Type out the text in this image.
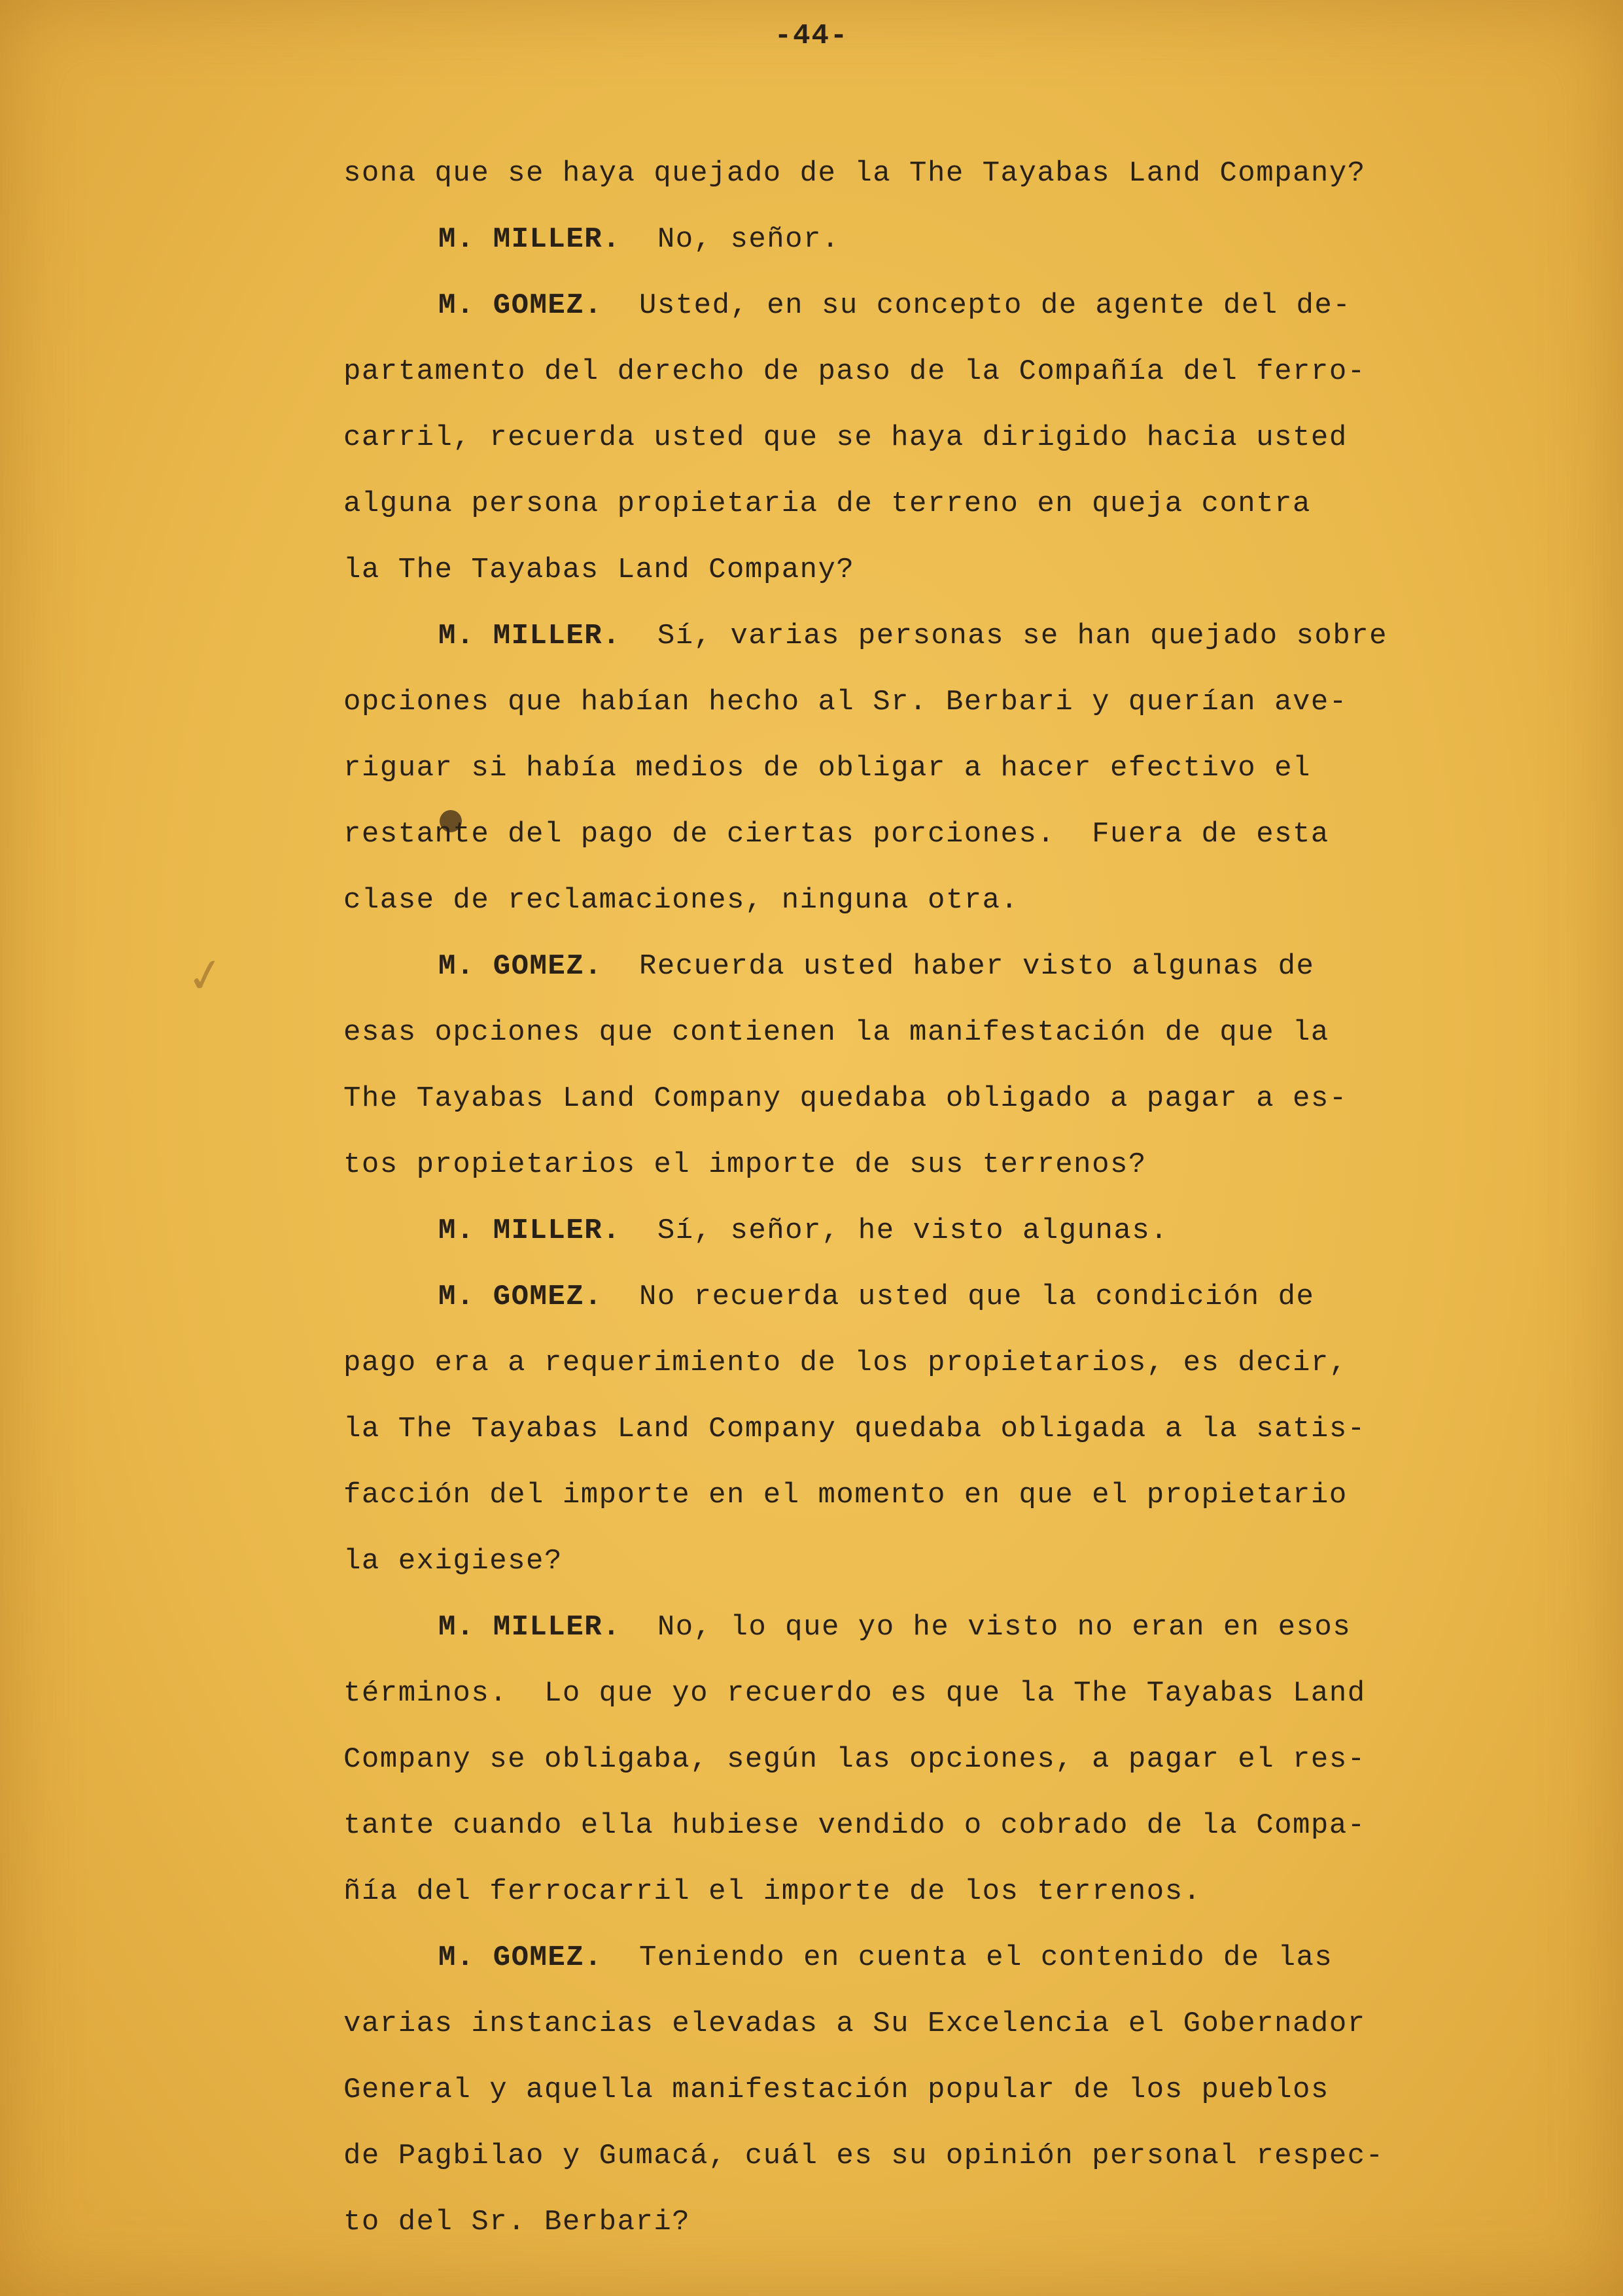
-44-
✓
sona que se haya quejado de la The Tayabas Land Company?
M. MILLER.  No, señor.
M. GOMEZ.  Usted, en su concepto de agente del de-
partamento del derecho de paso de la Compañía del ferro-
carril, recuerda usted que se haya dirigido hacia usted
alguna persona propietaria de terreno en queja contra
la The Tayabas Land Company?
M. MILLER.  Sí, varias personas se han quejado sobre
opciones que habían hecho al Sr. Berbari y querían ave-
riguar si había medios de obligar a hacer efectivo el
restante del pago de ciertas porciones.  Fuera de esta
clase de reclamaciones, ninguna otra.
M. GOMEZ.  Recuerda usted haber visto algunas de
esas opciones que contienen la manifestación de que la
The Tayabas Land Company quedaba obligado a pagar a es-
tos propietarios el importe de sus terrenos?
M. MILLER.  Sí, señor, he visto algunas.
M. GOMEZ.  No recuerda usted que la condición de
pago era a requerimiento de los propietarios, es decir,
la The Tayabas Land Company quedaba obligada a la satis-
facción del importe en el momento en que el propietario
la exigiese?
M. MILLER.  No, lo que yo he visto no eran en esos
términos.  Lo que yo recuerdo es que la The Tayabas Land
Company se obligaba, según las opciones, a pagar el res-
tante cuando ella hubiese vendido o cobrado de la Compa-
ñía del ferrocarril el importe de los terrenos.
M. GOMEZ.  Teniendo en cuenta el contenido de las
varias instancias elevadas a Su Excelencia el Gobernador
General y aquella manifestación popular de los pueblos
de Pagbilao y Gumacá, cuál es su opinión personal respec-
to del Sr. Berbari?
